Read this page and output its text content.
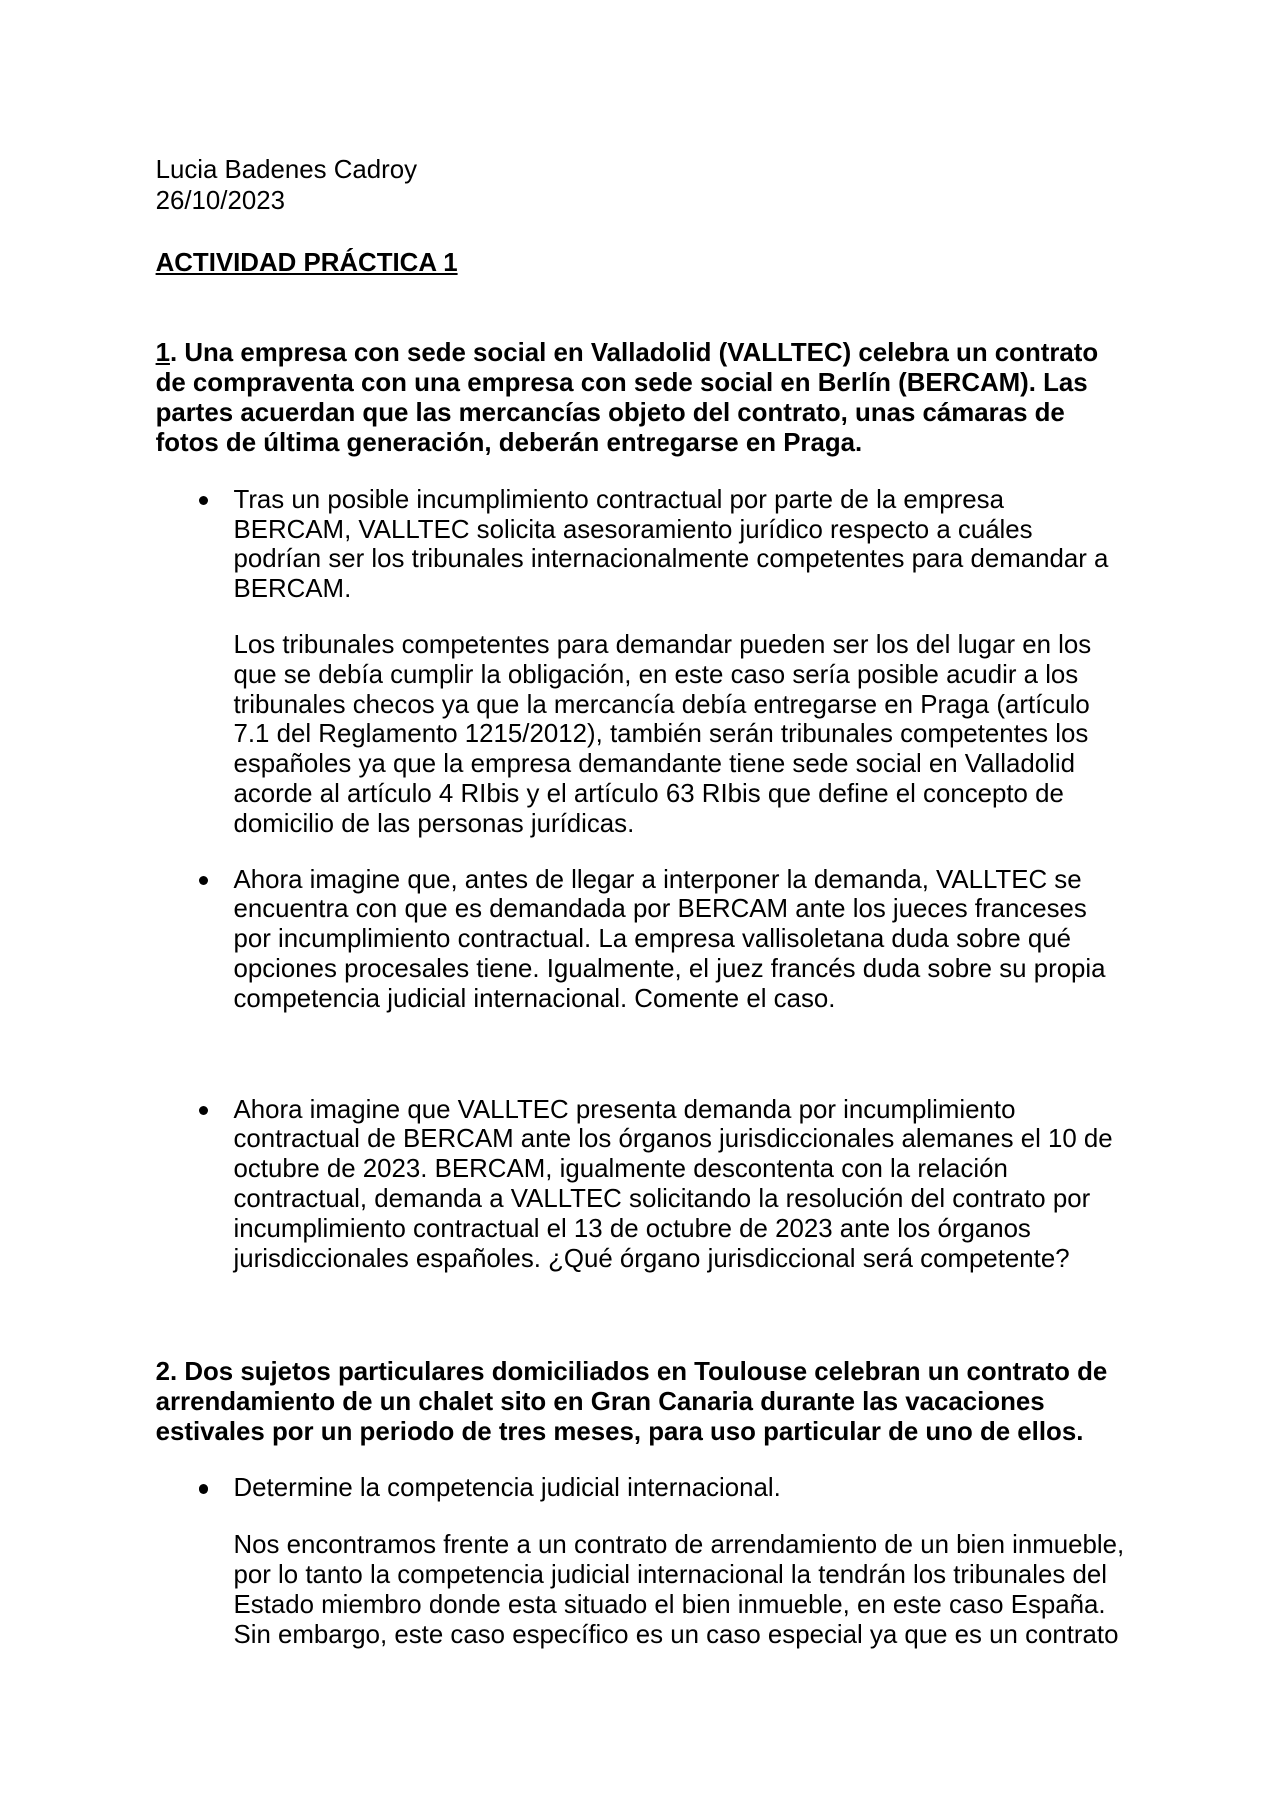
Lucia Badenes Cadroy
26/10/2023
ACTIVIDAD PRÁCTICA 1
1. Una empresa con sede social en Valladolid (VALLTEC) celebra un contrato
de compraventa con una empresa con sede social en Berlín (BERCAM). Las
partes acuerdan que las mercancías objeto del contrato, unas cámaras de
fotos de última generación, deberán entregarse en Praga.
Tras un posible incumplimiento contractual por parte de la empresa
BERCAM, VALLTEC solicita asesoramiento jurídico respecto a cuáles
podrían ser los tribunales internacionalmente competentes para demandar a
BERCAM.
Los tribunales competentes para demandar pueden ser los del lugar en los
que se debía cumplir la obligación, en este caso sería posible acudir a los
tribunales checos ya que la mercancía debía entregarse en Praga (artículo
7.1 del Reglamento 1215/2012), también serán tribunales competentes los
españoles ya que la empresa demandante tiene sede social en Valladolid
acorde al artículo 4 RIbis y el artículo 63 RIbis que define el concepto de
domicilio de las personas jurídicas.
Ahora imagine que, antes de llegar a interponer la demanda, VALLTEC se
encuentra con que es demandada por BERCAM ante los jueces franceses
por incumplimiento contractual. La empresa vallisoletana duda sobre qué
opciones procesales tiene. Igualmente, el juez francés duda sobre su propia
competencia judicial internacional. Comente el caso.
Ahora imagine que VALLTEC presenta demanda por incumplimiento
contractual de BERCAM ante los órganos jurisdiccionales alemanes el 10 de
octubre de 2023. BERCAM, igualmente descontenta con la relación
contractual, demanda a VALLTEC solicitando la resolución del contrato por
incumplimiento contractual el 13 de octubre de 2023 ante los órganos
jurisdiccionales españoles. ¿Qué órgano jurisdiccional será competente?
2. Dos sujetos particulares domiciliados en Toulouse celebran un contrato de
arrendamiento de un chalet sito en Gran Canaria durante las vacaciones
estivales por un periodo de tres meses, para uso particular de uno de ellos.
Determine la competencia judicial internacional.
Nos encontramos frente a un contrato de arrendamiento de un bien inmueble,
por lo tanto la competencia judicial internacional la tendrán los tribunales del
Estado miembro donde esta situado el bien inmueble, en este caso España.
Sin embargo, este caso específico es un caso especial ya que es un contrato
